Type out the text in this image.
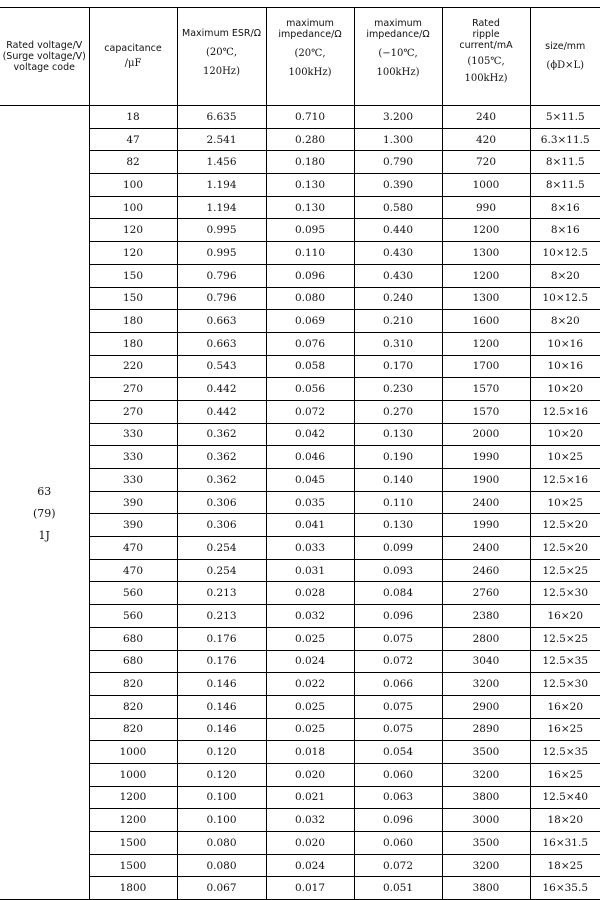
Rated voltage/V
(Surge voltage/V)
voltage code	capacitance
/μF	Maximum ESR/Ω
(20℃,
120Hz)	maximum
impedance/Ω
(20℃,
100kHz)	maximum
impedance/Ω
(−10℃,
100kHz)	Rated
ripple
current/mA
(105℃,
100kHz)	size/mm
(ϕD×L)

63
(79)
1J	18	6.635	0.710	3.200	240	5×11.5
	47	2.541	0.280	1.300	420	6.3×11.5
	82	1.456	0.180	0.790	720	8×11.5
	100	1.194	0.130	0.390	1000	8×11.5
	100	1.194	0.130	0.580	990	8×16
	120	0.995	0.095	0.440	1200	8×16
	120	0.995	0.110	0.430	1300	10×12.5
	150	0.796	0.096	0.430	1200	8×20
	150	0.796	0.080	0.240	1300	10×12.5
	180	0.663	0.069	0.210	1600	8×20
	180	0.663	0.076	0.310	1200	10×16
	220	0.543	0.058	0.170	1700	10×16
	270	0.442	0.056	0.230	1570	10×20
	270	0.442	0.072	0.270	1570	12.5×16
	330	0.362	0.042	0.130	2000	10×20
	330	0.362	0.046	0.190	1990	10×25
	330	0.362	0.045	0.140	1900	12.5×16
	390	0.306	0.035	0.110	2400	10×25
	390	0.306	0.041	0.130	1990	12.5×20
	470	0.254	0.033	0.099	2400	12.5×20
	470	0.254	0.031	0.093	2460	12.5×25
	560	0.213	0.028	0.084	2760	12.5×30
	560	0.213	0.032	0.096	2380	16×20
	680	0.176	0.025	0.075	2800	12.5×25
	680	0.176	0.024	0.072	3040	12.5×35
	820	0.146	0.022	0.066	3200	12.5×30
	820	0.146	0.025	0.075	2900	16×20
	820	0.146	0.025	0.075	2890	16×25
	1000	0.120	0.018	0.054	3500	12.5×35
	1000	0.120	0.020	0.060	3200	16×25
	1200	0.100	0.021	0.063	3800	12.5×40
	1200	0.100	0.032	0.096	3000	18×20
	1500	0.080	0.020	0.060	3500	16×31.5
	1500	0.080	0.024	0.072	3200	18×25
	1800	0.067	0.017	0.051	3800	16×35.5
